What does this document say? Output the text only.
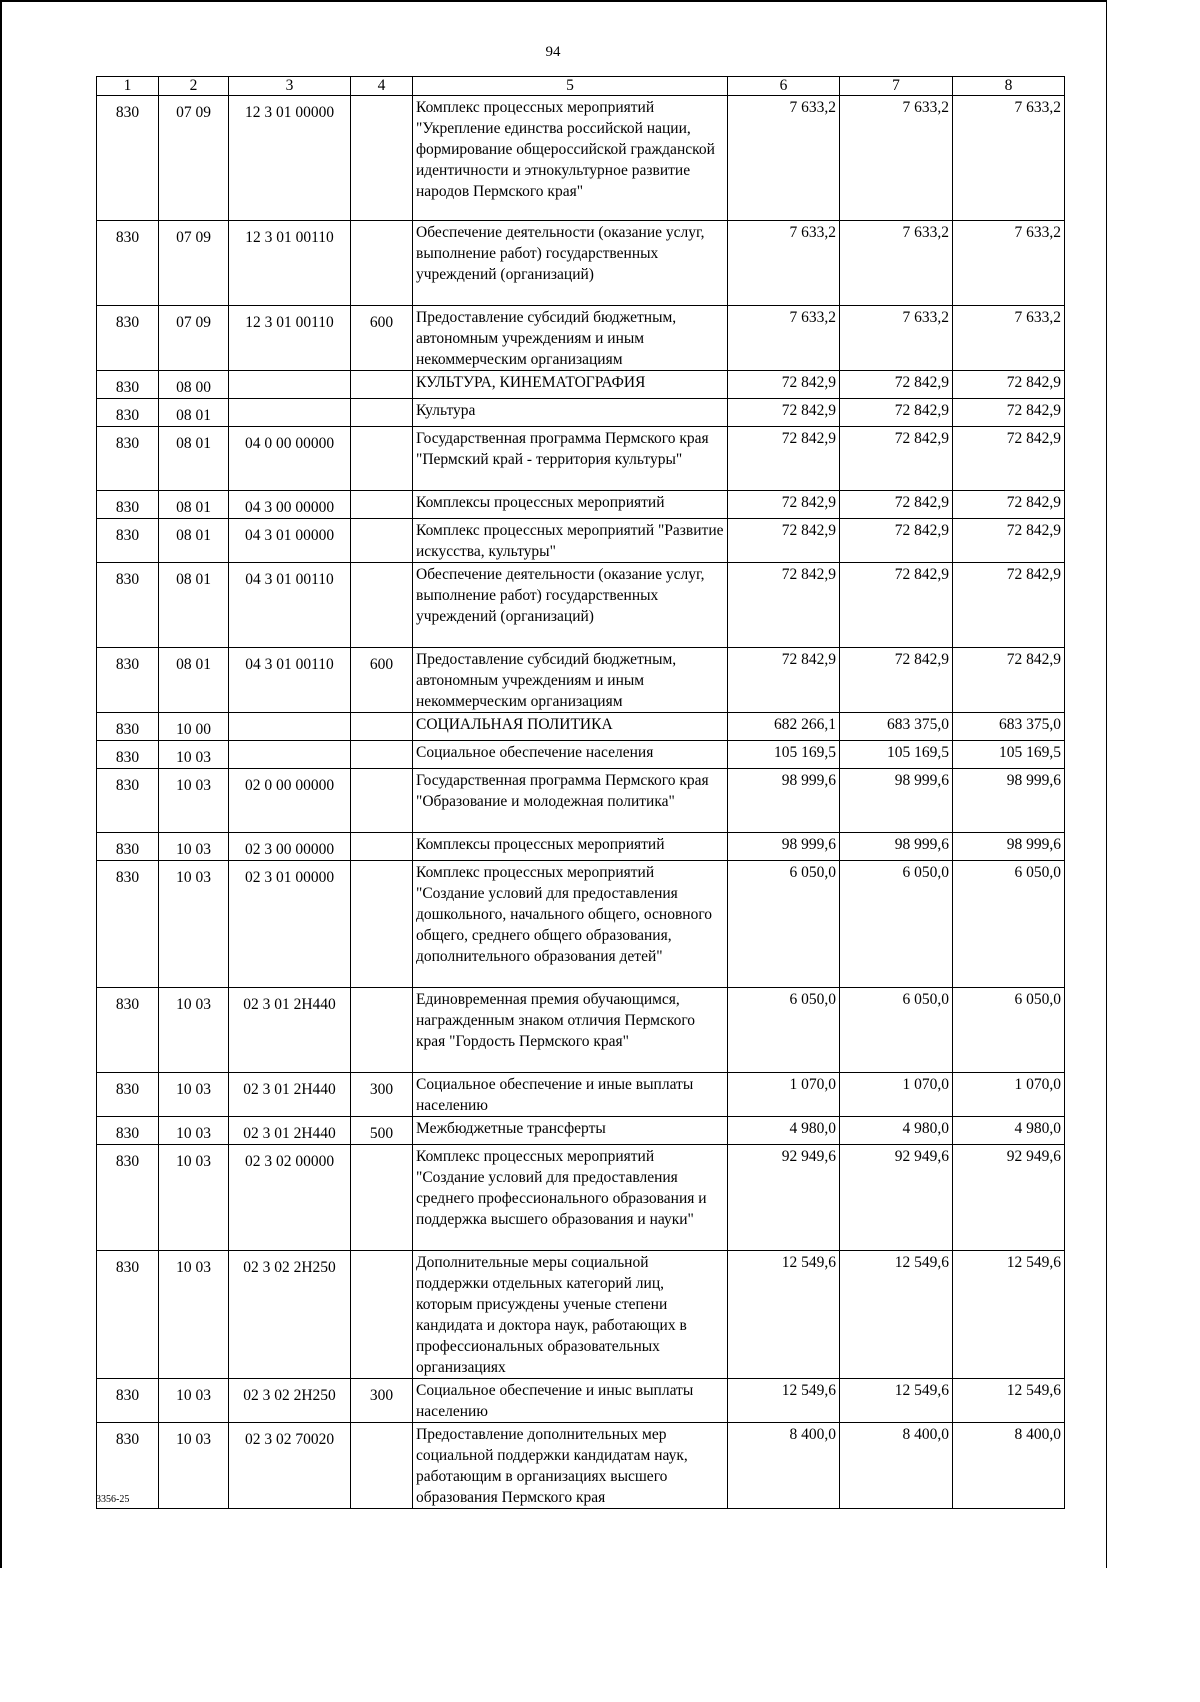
94
1	2	3	4	5	6	7	8
830	07 09	12 3 01 00000		Комплекс процессных мероприятий "Укрепление единства российской нации, формирование общероссийской гражданской идентичности и этнокультурное развитие народов Пермского края"	7 633,2	7 633,2	7 633,2
830	07 09	12 3 01 00110		Обеспечение деятельности (оказание услуг, выполнение работ) государственных учреждений (организаций)	7 633,2	7 633,2	7 633,2
830	07 09	12 3 01 00110	600	Предоставление субсидий бюджетным, автономным учреждениям и иным некоммерческим организациям	7 633,2	7 633,2	7 633,2
830	08 00			КУЛЬТУРА, КИНЕМАТОГРАФИЯ	72 842,9	72 842,9	72 842,9
830	08 01			Культура	72 842,9	72 842,9	72 842,9
830	08 01	04 0 00 00000		Государственная программа Пермского края "Пермский край - территория культуры"	72 842,9	72 842,9	72 842,9
830	08 01	04 3 00 00000		Комплексы процессных мероприятий	72 842,9	72 842,9	72 842,9
830	08 01	04 3 01 00000		Комплекс процессных мероприятий "Развитие искусства, культуры"	72 842,9	72 842,9	72 842,9
830	08 01	04 3 01 00110		Обеспечение деятельности (оказание услуг, выполнение работ) государственных учреждений (организаций)	72 842,9	72 842,9	72 842,9
830	08 01	04 3 01 00110	600	Предоставление субсидий бюджетным, автономным учреждениям и иным некоммерческим организациям	72 842,9	72 842,9	72 842,9
830	10 00			СОЦИАЛЬНАЯ ПОЛИТИКА	682 266,1	683 375,0	683 375,0
830	10 03			Социальное обеспечение населения	105 169,5	105 169,5	105 169,5
830	10 03	02 0 00 00000		Государственная программа Пермского края "Образование и молодежная политика"	98 999,6	98 999,6	98 999,6
830	10 03	02 3 00 00000		Комплексы процессных мероприятий	98 999,6	98 999,6	98 999,6
830	10 03	02 3 01 00000		Комплекс процессных мероприятий "Создание условий для предоставления дошкольного, начального общего, основного общего, среднего общего образования, дополнительного образования детей"	6 050,0	6 050,0	6 050,0
830	10 03	02 3 01 2Н440		Единовременная премия обучающимся, награжденным знаком отличия Пермского края "Гордость Пермского края"	6 050,0	6 050,0	6 050,0
830	10 03	02 3 01 2Н440	300	Социальное обеспечение и иные выплаты населению	1 070,0	1 070,0	1 070,0
830	10 03	02 3 01 2Н440	500	Межбюджетные трансферты	4 980,0	4 980,0	4 980,0
830	10 03	02 3 02 00000		Комплекс процессных мероприятий "Создание условий для предоставления среднего профессионального образования и поддержка высшего образования и науки"	92 949,6	92 949,6	92 949,6
830	10 03	02 3 02 2Н250		Дополнительные меры социальной поддержки отдельных категорий лиц, которым присуждены ученые степени кандидата и доктора наук, работающих в профессиональных образовательных организациях	12 549,6	12 549,6	12 549,6
830	10 03	02 3 02 2Н250	300	Социальное обеспечение и иныс выплаты населению	12 549,6	12 549,6	12 549,6
830	10 03	02 3 02 70020		Предоставление дополнительных мер социальной поддержки кандидатам наук, работающим в организациях высшего образования Пермского края	8 400,0	8 400,0	8 400,0
3356-25
